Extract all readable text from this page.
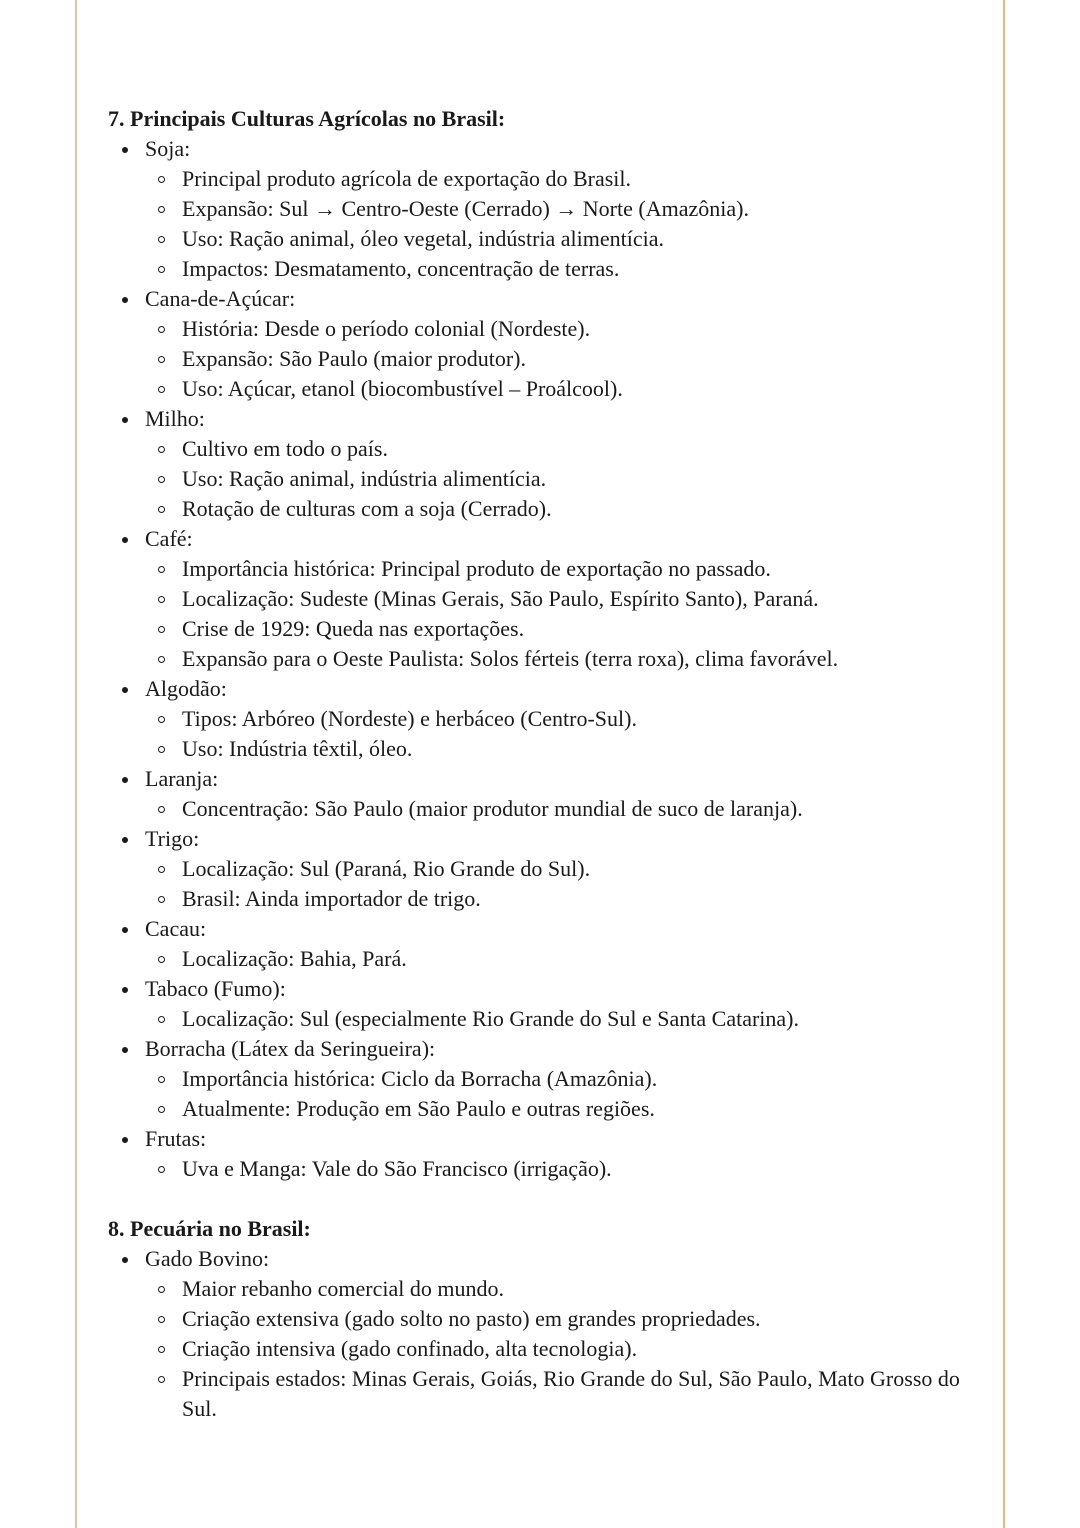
7. Principais Culturas Agrícolas no Brasil:
Soja:
Principal produto agrícola de exportação do Brasil.
Expansão: Sul → Centro-Oeste (Cerrado) → Norte (Amazônia).
Uso: Ração animal, óleo vegetal, indústria alimentícia.
Impactos: Desmatamento, concentração de terras.
Cana-de-Açúcar:
História: Desde o período colonial (Nordeste).
Expansão: São Paulo (maior produtor).
Uso: Açúcar, etanol (biocombustível – Proálcool).
Milho:
Cultivo em todo o país.
Uso: Ração animal, indústria alimentícia.
Rotação de culturas com a soja (Cerrado).
Café:
Importância histórica: Principal produto de exportação no passado.
Localização: Sudeste (Minas Gerais, São Paulo, Espírito Santo), Paraná.
Crise de 1929: Queda nas exportações.
Expansão para o Oeste Paulista: Solos férteis (terra roxa), clima favorável.
Algodão:
Tipos: Arbóreo (Nordeste) e herbáceo (Centro-Sul).
Uso: Indústria têxtil, óleo.
Laranja:
Concentração: São Paulo (maior produtor mundial de suco de laranja).
Trigo:
Localização: Sul (Paraná, Rio Grande do Sul).
Brasil: Ainda importador de trigo.
Cacau:
Localização: Bahia, Pará.
Tabaco (Fumo):
Localização: Sul (especialmente Rio Grande do Sul e Santa Catarina).
Borracha (Látex da Seringueira):
Importância histórica: Ciclo da Borracha (Amazônia).
Atualmente: Produção em São Paulo e outras regiões.
Frutas:
Uva e Manga: Vale do São Francisco (irrigação).
8. Pecuária no Brasil:
Gado Bovino:
Maior rebanho comercial do mundo.
Criação extensiva (gado solto no pasto) em grandes propriedades.
Criação intensiva (gado confinado, alta tecnologia).
Principais estados: Minas Gerais, Goiás, Rio Grande do Sul, São Paulo, Mato Grosso do Sul.
